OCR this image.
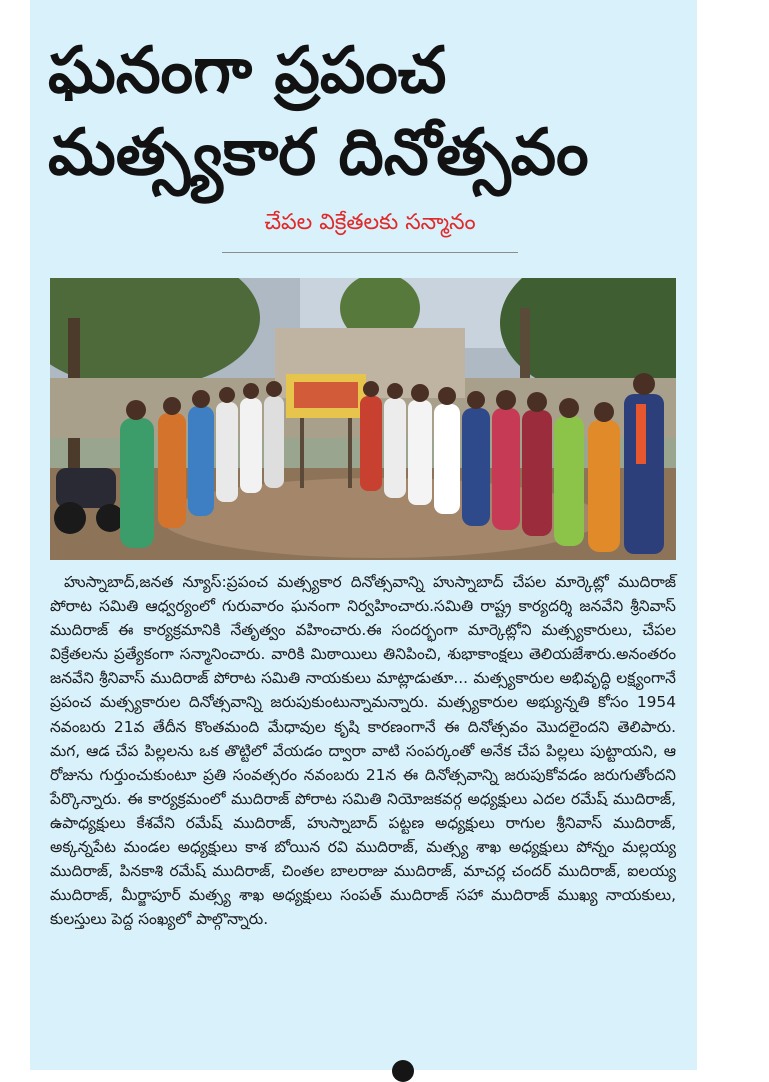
ఘనంగా ప్రపంచ మత్స్యకార దినోత్సవం
చేపల విక్రేతలకు సన్మానం

హుస్నాబాద్,జనత న్యూస్:ప్రపంచ మత్స్యకార దినోత్సవాన్ని హుస్నాబాద్ చేపల మార్కెట్లో ముదిరాజ్ పోరాట సమితి ఆధ్వర్యంలో గురువారం ఘనంగా నిర్వహించారు.సమితి రాష్ట్ర కార్యదర్శి జనవేని శ్రీనివాస్ ముదిరాజ్ ఈ కార్యక్రమానికి నేతృత్వం వహించారు.ఈ సందర్భంగా మార్కెట్లోని మత్స్యకారులు, చేపల విక్రేతలను ప్రత్యేకంగా సన్మానించారు. వారికి మిఠాయిలు తినిపించి, శుభాకాంక్షలు తెలియజేశారు.అనంతరం జనవేని శ్రీనివాస్ ముదిరాజ్ పోరాట సమితి నాయకులు మాట్లాడుతూ... మత్స్యకారుల అభివృద్ధి లక్ష్యంగానే ప్రపంచ మత్స్యకారుల దినోత్సవాన్ని జరుపుకుంటున్నామన్నారు. మత్స్యకారుల అభ్యున్నతి కోసం 1954 నవంబరు 21వ తేదీన కొంతమంది మేధావుల కృషి కారణంగానే ఈ దినోత్సవం మొదలైందని తెలిపారు. మగ, ఆడ చేప పిల్లలను ఒక తొట్టిలో వేయడం ద్వారా వాటి సంపర్కంతో అనేక చేప పిల్లలు పుట్టాయని, ఆ రోజును గుర్తుంచుకుంటూ ప్రతి సంవత్సరం నవంబరు 21న ఈ దినోత్సవాన్ని జరుపుకోవడం జరుగుతోందని పేర్కొన్నారు. ఈ కార్యక్రమంలో ముదిరాజ్ పోరాట సమితి నియోజకవర్గ అధ్యక్షులు ఎదల రమేష్ ముదిరాజ్, ఉపాధ్యక్షులు కేశవేని రమేష్ ముదిరాజ్, హుస్నాబాద్ పట్టణ అధ్యక్షులు రాగుల శ్రీనివాస్ ముదిరాజ్, అక్కన్నపేట మండల అధ్యక్షులు కాశ బోయిన రవి ముదిరాజ్, మత్స్య శాఖ అధ్యక్షులు పోన్నం మల్లయ్య ముదిరాజ్, పినకాశి రమేష్ ముదిరాజ్, చింతల బాలరాజు ముదిరాజ్, మాచర్ల చందర్ ముదిరాజ్, ఐలయ్య ముదిరాజ్, మీర్జాపూర్ మత్స్య శాఖ అధ్యక్షులు సంపత్ ముదిరాజ్ సహా ముదిరాజ్ ముఖ్య నాయకులు, కులస్తులు పెద్ద సంఖ్యలో పాల్గొన్నారు.
